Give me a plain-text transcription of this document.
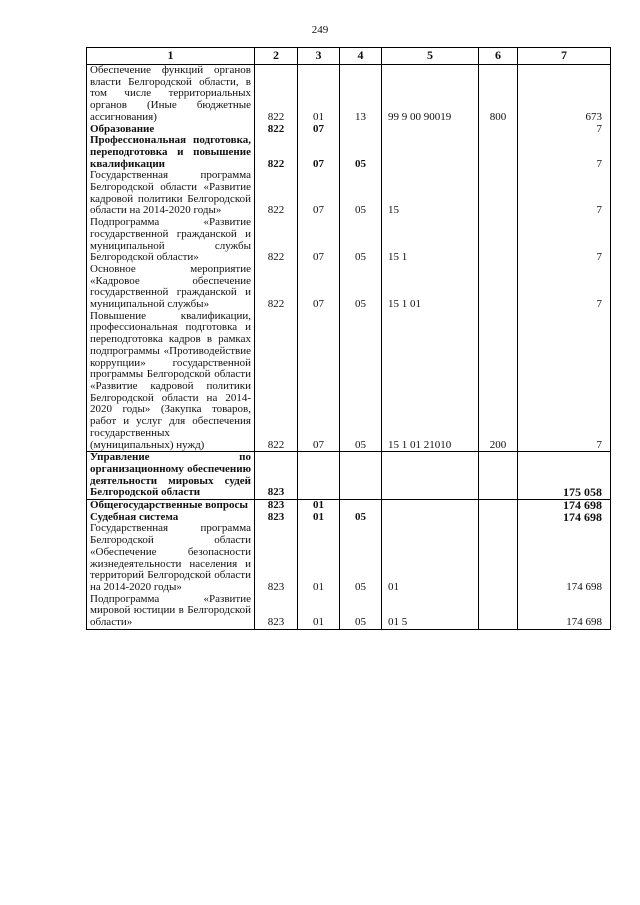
249
1	2	3	4	5	6	7
Обеспечение функций органов власти Белгородской области, в том числе территориальных органов (Иные бюджетные ассигнования)	822	01	13	99 9 00 90019	800	673
Образование	822	07				7
Профессиональная подготовка, переподготовка и повышение квалификации	822	07	05			7
Государственная программа Белгородской области «Развитие кадровой политики Белгородской области на 2014-2020 годы»	822	07	05	15		7
Подпрограмма «Развитие государственной гражданской и муниципальной службы Белгородской области»	822	07	05	15 1		7
Основное мероприятие «Кадровое обеспечение государственной гражданской и муниципальной службы»	822	07	05	15 1 01		7
Повышение квалификации, профессиональная подготовка и переподготовка кадров в рамках подпрограммы «Противодействие коррупции» государственной программы Белгородской области «Развитие кадровой политики Белгородской области на 2014-2020 годы» (Закупка товаров, работ и услуг для обеспечения государственных (муниципальных) нужд)	822	07	05	15 1 01 21010	200	7
Управление по организационному обеспечению деятельности мировых судей Белгородской области	823					175 058
Общегосударственные вопросы	823	01				174 698
Судебная система	823	01	05			174 698
Государственная программа Белгородской области «Обеспечение безопасности жизнедеятельности населения и территорий Белгородской области на 2014-2020 годы»	823	01	05	01		174 698
Подпрограмма «Развитие мировой юстиции в Белгородской области»	823	01	05	01 5		174 698
